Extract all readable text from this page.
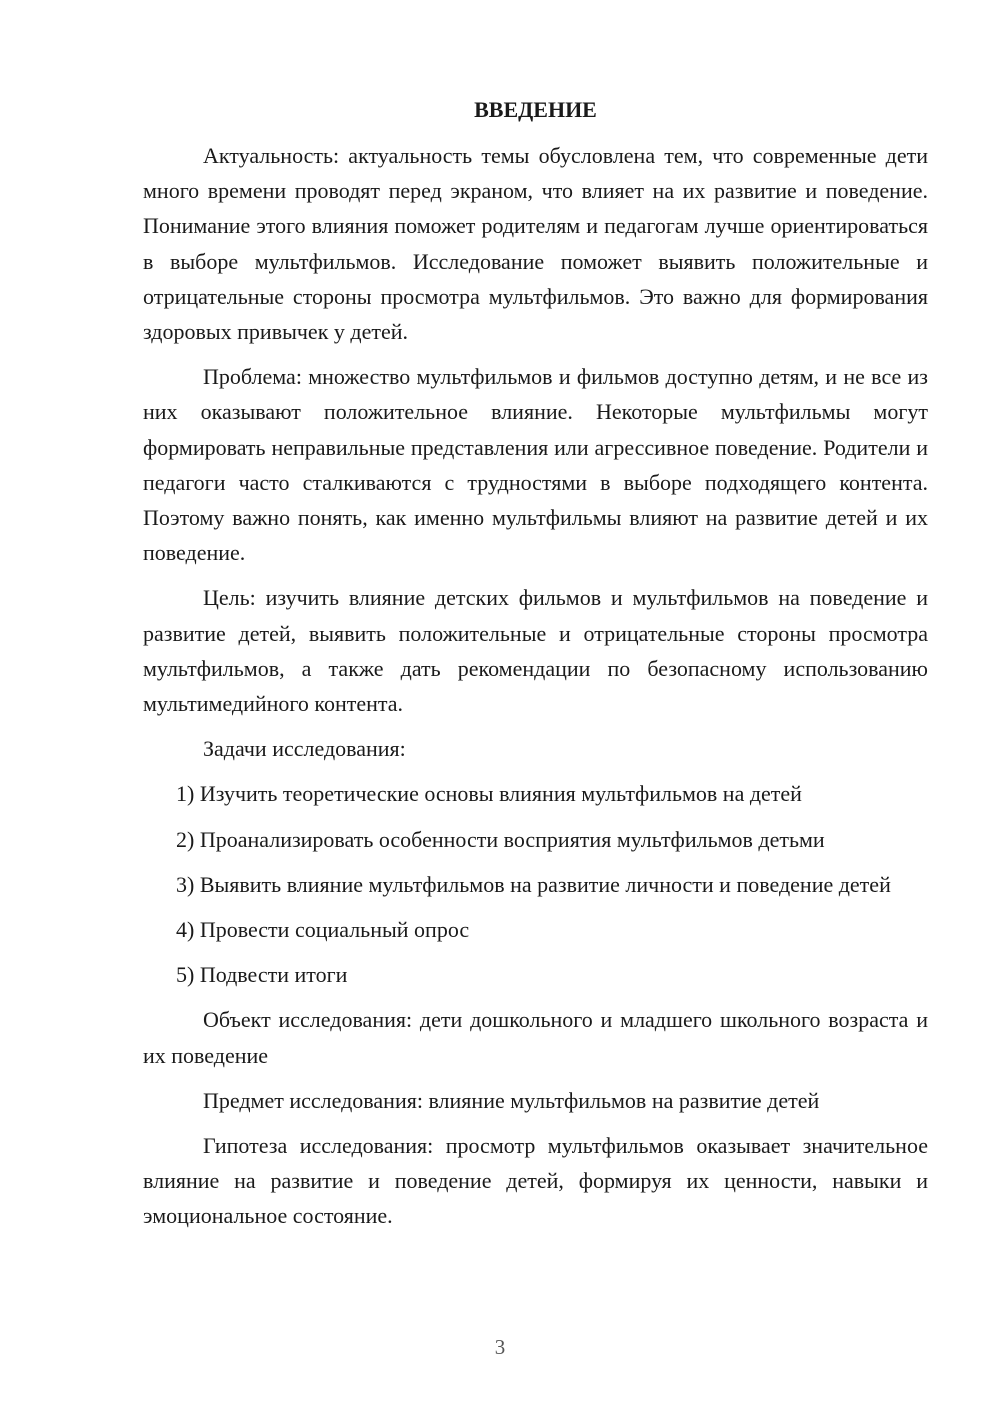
ВВЕДЕНИЕ

Актуальность: актуальность темы обусловлена тем, что современные дети много времени проводят перед экраном, что влияет на их развитие и поведение. Понимание этого влияния поможет родителям и педагогам лучше ориентироваться в выборе мультфильмов. Исследование поможет выявить положительные и отрицательные стороны просмотра мультфильмов. Это важно для формирования здоровых привычек у детей.

Проблема: множество мультфильмов и фильмов доступно детям, и не все из них оказывают положительное влияние. Некоторые мультфильмы могут формировать неправильные представления или агрессивное поведение. Родители и педагоги часто сталкиваются с трудностями в выборе подходящего контента. Поэтому важно понять, как именно мультфильмы влияют на развитие детей и их поведение.

Цель: изучить влияние детских фильмов и мультфильмов на поведение и развитие детей, выявить положительные и отрицательные стороны просмотра мультфильмов, а также дать рекомендации по безопасному использованию мультимедийного контента.

Задачи исследования:

1) Изучить теоретические основы влияния мультфильмов на детей

2) Проанализировать особенности восприятия мультфильмов детьми

3) Выявить влияние мультфильмов на развитие личности и поведение детей

4) Провести социальный опрос

5) Подвести итоги

Объект исследования: дети дошкольного и младшего школьного возраста и их поведение

Предмет исследования: влияние мультфильмов на развитие детей

Гипотеза исследования: просмотр мультфильмов оказывает значительное влияние на развитие и поведение детей, формируя их ценности, навыки и эмоциональное состояние.

3
